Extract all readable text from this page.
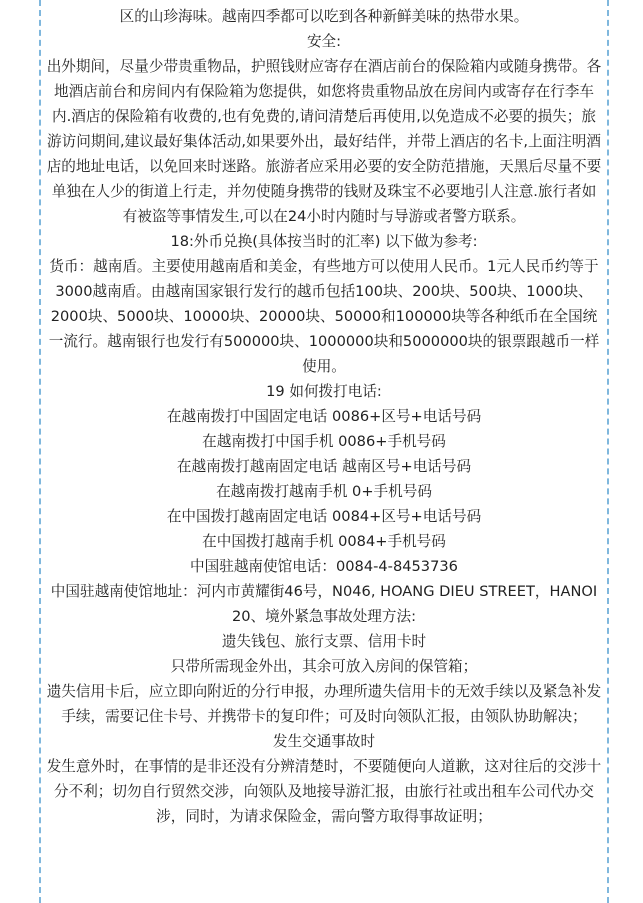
区的山珍海味。越南四季都可以吃到各种新鲜美味的热带水果。

安全:

出外期间，尽量少带贵重物品，护照钱财应寄存在酒店前台的保险箱内或随身携带。各地酒店前台和房间内有保险箱为您提供，如您将贵重物品放在房间内或寄存在行李车内.酒店的保险箱有收费的,也有免费的,请问清楚后再使用,以免造成不必要的损失；旅游访问期间,建议最好集体活动,如果要外出，最好结伴，并带上酒店的名卡,上面注明酒店的地址电话，以免回来时迷路。旅游者应采用必要的安全防范措施，天黑后尽量不要单独在人少的街道上行走，并勿使随身携带的钱财及珠宝不必要地引人注意.旅行者如有被盗等事情发生,可以在24小时内随时与导游或者警方联系。

18:外币兑换(具体按当时的汇率) 以下做为参考:

货币：越南盾。主要使用越南盾和美金，有些地方可以使用人民币。1元人民币约等于3000越南盾。由越南国家银行发行的越币包括100块、200块、500块、1000块、2000块、5000块、10000块、20000块、50000和100000块等各种纸币在全国统一流行。越南银行也发行有500000块、1000000块和5000000块的银票跟越币一样使用。

19 如何拨打电话:

在越南拨打中国固定电话 0086+区号+电话号码

在越南拨打中国手机 0086+手机号码

在越南拨打越南固定电话 越南区号+电话号码

在越南拨打越南手机 0+手机号码

在中国拨打越南固定电话 0084+区号+电话号码

在中国拨打越南手机 0084+手机号码

中国驻越南使馆电话：0084-4-8453736

中国驻越南使馆地址：河内市黄耀街46号，N046, HOANG DIEU STREET，HANOI

20、境外紧急事故处理方法:

遗失钱包、旅行支票、信用卡时

只带所需现金外出，其余可放入房间的保管箱；

遗失信用卡后，应立即向附近的分行申报，办理所遗失信用卡的无效手续以及紧急补发手续，需要记住卡号、并携带卡的复印件；可及时向领队汇报，由领队协助解决；

发生交通事故时

发生意外时，在事情的是非还没有分辨清楚时，不要随便向人道歉，这对往后的交涉十分不利；切勿自行贸然交涉，向领队及地接导游汇报，由旅行社或出租车公司代办交涉，同时，为请求保险金，需向警方取得事故证明；
